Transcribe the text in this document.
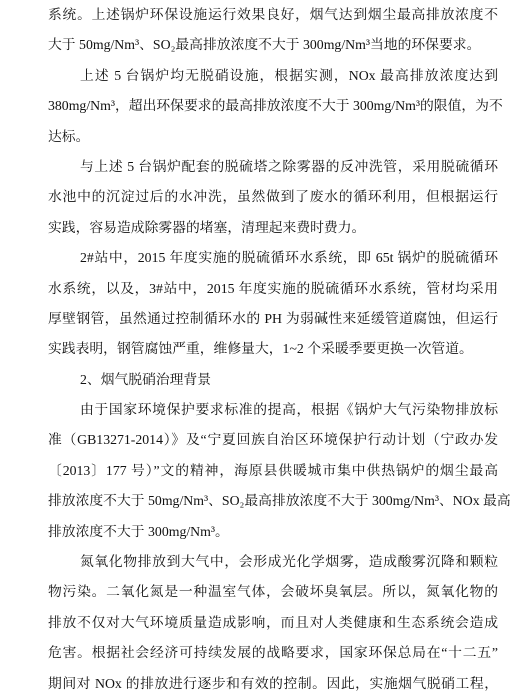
系统。上述锅炉环保设施运行效果良好，烟气达到烟尘最高排放浓度不
大于 50mg/Nm³、SO₂最高排放浓度不大于 300mg/Nm³当地的环保要求。
上述 5 台锅炉均无脱硝设施，根据实测，NOx 最高排放浓度达到
380mg/Nm³，超出环保要求的最高排放浓度不大于 300mg/Nm³的限值，为不
达标。
与上述 5 台锅炉配套的脱硫塔之除雾器的反冲洗管，采用脱硫循环
水池中的沉淀过后的水冲洗，虽然做到了废水的循环利用，但根据运行
实践，容易造成除雾器的堵塞，清理起来费时费力。
2#站中，2015 年度实施的脱硫循环水系统，即 65t 锅炉的脱硫循环
水系统，以及，3#站中，2015 年度实施的脱硫循环水系统，管材均采用
厚壁钢管，虽然通过控制循环水的 PH 为弱碱性来延缓管道腐蚀，但运行
实践表明，钢管腐蚀严重，维修量大，1~2 个采暖季要更换一次管道。
2、烟气脱硝治理背景
由于国家环境保护要求标准的提高，根据《锅炉大气污染物排放标
准（GB13271-2014）》及“宁夏回族自治区环境保护行动计划（宁政办发
〔2013〕177 号）”文的精神，海原县供暖城市集中供热锅炉的烟尘最高
排放浓度不大于 50mg/Nm³、SO₂最高排放浓度不大于 300mg/Nm³、NOx 最高
排放浓度不大于 300mg/Nm³。
氮氧化物排放到大气中，会形成光化学烟雾，造成酸雾沉降和颗粒
物污染。二氧化氮是一种温室气体，会破坏臭氧层。所以，氮氧化物的
排放不仅对大气环境质量造成影响，而且对人类健康和生态系统会造成
危害。根据社会经济可持续发展的战略要求，国家环保总局在“十二五”
期间对 NOx 的排放进行逐步和有效的控制。因此，实施烟气脱硝工程，
